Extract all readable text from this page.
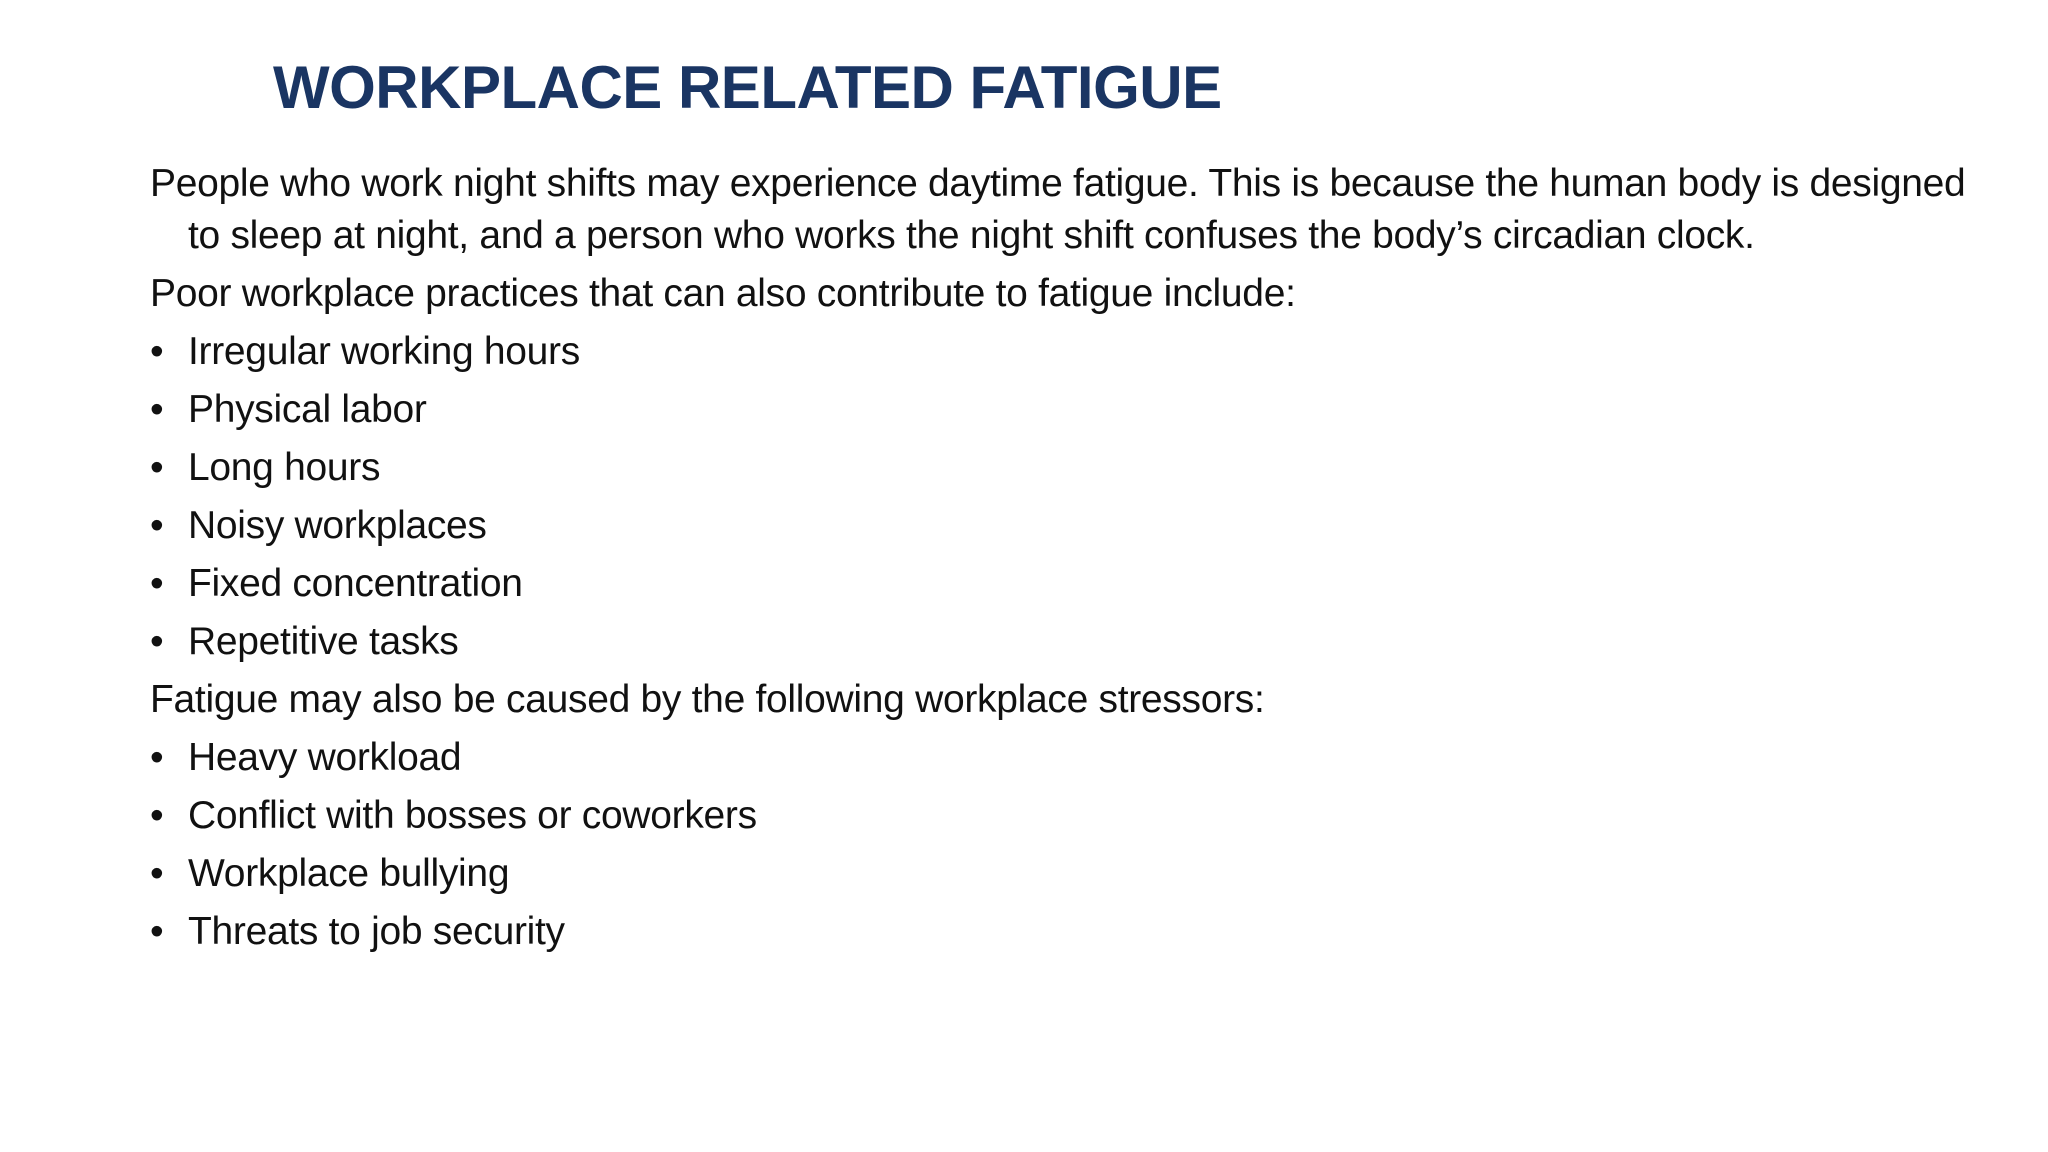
WORKPLACE RELATED FATIGUE

People who work night shifts may experience daytime fatigue. This is because the human body is designed to sleep at night, and a person who works the night shift confuses the body’s circadian clock.

Poor workplace practices that can also contribute to fatigue include:

• Irregular working hours
• Physical labor
• Long hours
• Noisy workplaces
• Fixed concentration
• Repetitive tasks

Fatigue may also be caused by the following workplace stressors:

• Heavy workload
• Conflict with bosses or coworkers
• Workplace bullying
• Threats to job security
